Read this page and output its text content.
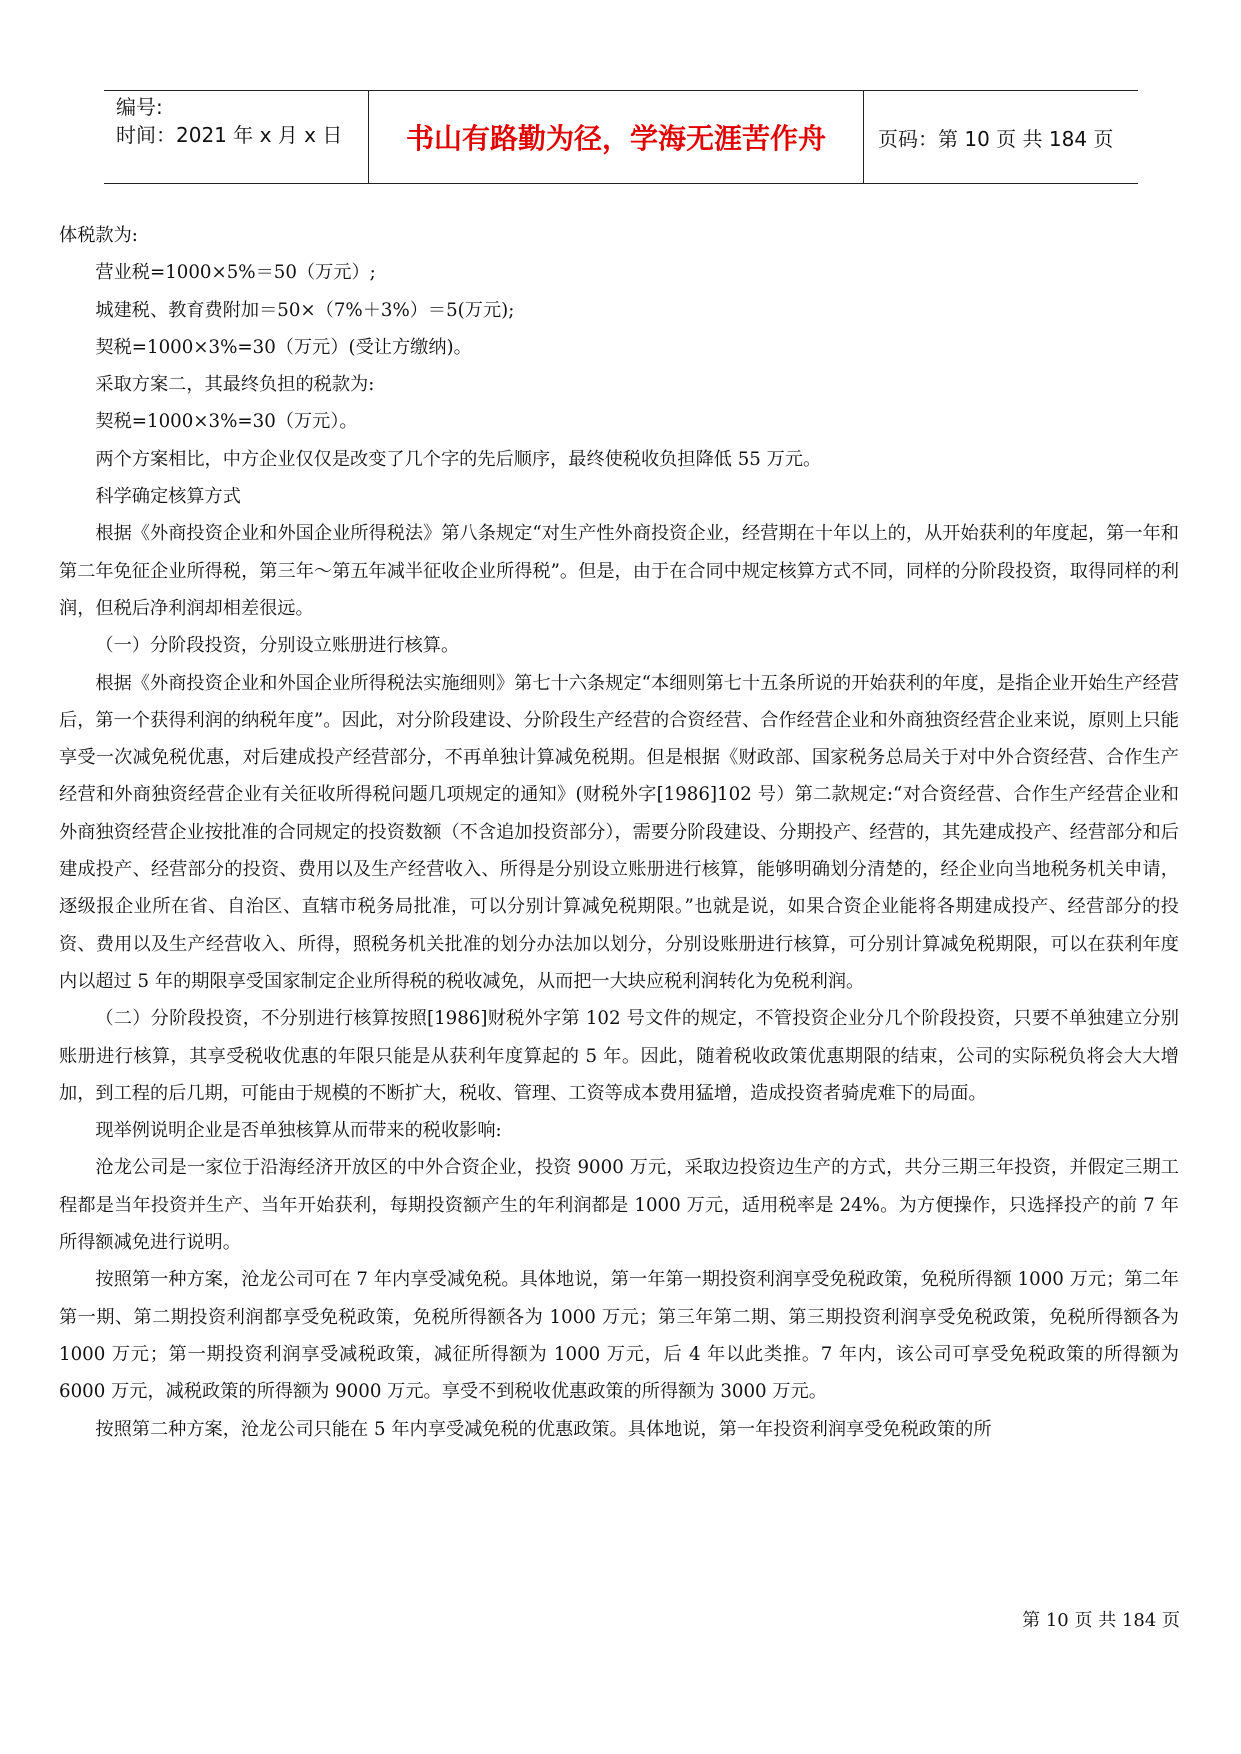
编号:
时间：2021 年 x 月 x 日	书山有路勤为径，学海无涯苦作舟	页码：第 10 页 共 184 页

体税款为:

营业税=1000×5%＝50（万元）;

城建税、教育费附加＝50×（7%＋3%）＝5(万元);

契税=1000×3%=30（万元）(受让方缴纳)。

采取方案二，其最终负担的税款为:

契税=1000×3%=30（万元）。

两个方案相比，中方企业仅仅是改变了几个字的先后顺序，最终使税收负担降低 55 万元。

科学确定核算方式

根据《外商投资企业和外国企业所得税法》第八条规定“对生产性外商投资企业，经营期在十年以上的，从开始获利的年度起，第一年和第二年免征企业所得税，第三年～第五年减半征收企业所得税”。但是，由于在合同中规定核算方式不同，同样的分阶段投资，取得同样的利润，但税后净利润却相差很远。

（一）分阶段投资，分别设立账册进行核算。

根据《外商投资企业和外国企业所得税法实施细则》第七十六条规定“本细则第七十五条所说的开始获利的年度，是指企业开始生产经营后，第一个获得利润的纳税年度”。因此，对分阶段建设、分阶段生产经营的合资经营、合作经营企业和外商独资经营企业来说，原则上只能享受一次减免税优惠，对后建成投产经营部分，不再单独计算减免税期。但是根据《财政部、国家税务总局关于对中外合资经营、合作生产经营和外商独资经营企业有关征收所得税问题几项规定的通知》(财税外字[1986]102 号）第二款规定:“对合资经营、合作生产经营企业和外商独资经营企业按批准的合同规定的投资数额（不含追加投资部分），需要分阶段建设、分期投产、经营的，其先建成投产、经营部分和后建成投产、经营部分的投资、费用以及生产经营收入、所得是分别设立账册进行核算，能够明确划分清楚的，经企业向当地税务机关申请，逐级报企业所在省、自治区、直辖市税务局批准，可以分别计算减免税期限。”也就是说，如果合资企业能将各期建成投产、经营部分的投资、费用以及生产经营收入、所得，照税务机关批准的划分办法加以划分，分别设账册进行核算，可分别计算减免税期限，可以在获利年度内以超过 5 年的期限享受国家制定企业所得税的税收减免，从而把一大块应税利润转化为免税利润。

（二）分阶段投资，不分别进行核算按照[1986]财税外字第 102 号文件的规定，不管投资企业分几个阶段投资，只要不单独建立分别账册进行核算，其享受税收优惠的年限只能是从获利年度算起的 5 年。因此，随着税收政策优惠期限的结束，公司的实际税负将会大大增加，到工程的后几期，可能由于规模的不断扩大，税收、管理、工资等成本费用猛增，造成投资者骑虎难下的局面。

现举例说明企业是否单独核算从而带来的税收影响:

沧龙公司是一家位于沿海经济开放区的中外合资企业，投资 9000 万元，采取边投资边生产的方式，共分三期三年投资，并假定三期工程都是当年投资并生产、当年开始获利，每期投资额产生的年利润都是 1000 万元，适用税率是 24%。为方便操作，只选择投产的前 7 年所得额减免进行说明。

按照第一种方案，沧龙公司可在 7 年内享受减免税。具体地说，第一年第一期投资利润享受免税政策，免税所得额 1000 万元；第二年第一期、第二期投资利润都享受免税政策，免税所得额各为 1000 万元；第三年第二期、第三期投资利润享受免税政策，免税所得额各为 1000 万元；第一期投资利润享受减税政策，减征所得额为 1000 万元，后 4 年以此类推。7 年内，该公司可享受免税政策的所得额为 6000 万元，减税政策的所得额为 9000 万元。享受不到税收优惠政策的所得额为 3000 万元。

按照第二种方案，沧龙公司只能在 5 年内享受减免税的优惠政策。具体地说，第一年投资利润享受免税政策的所

第 10 页 共 184 页
